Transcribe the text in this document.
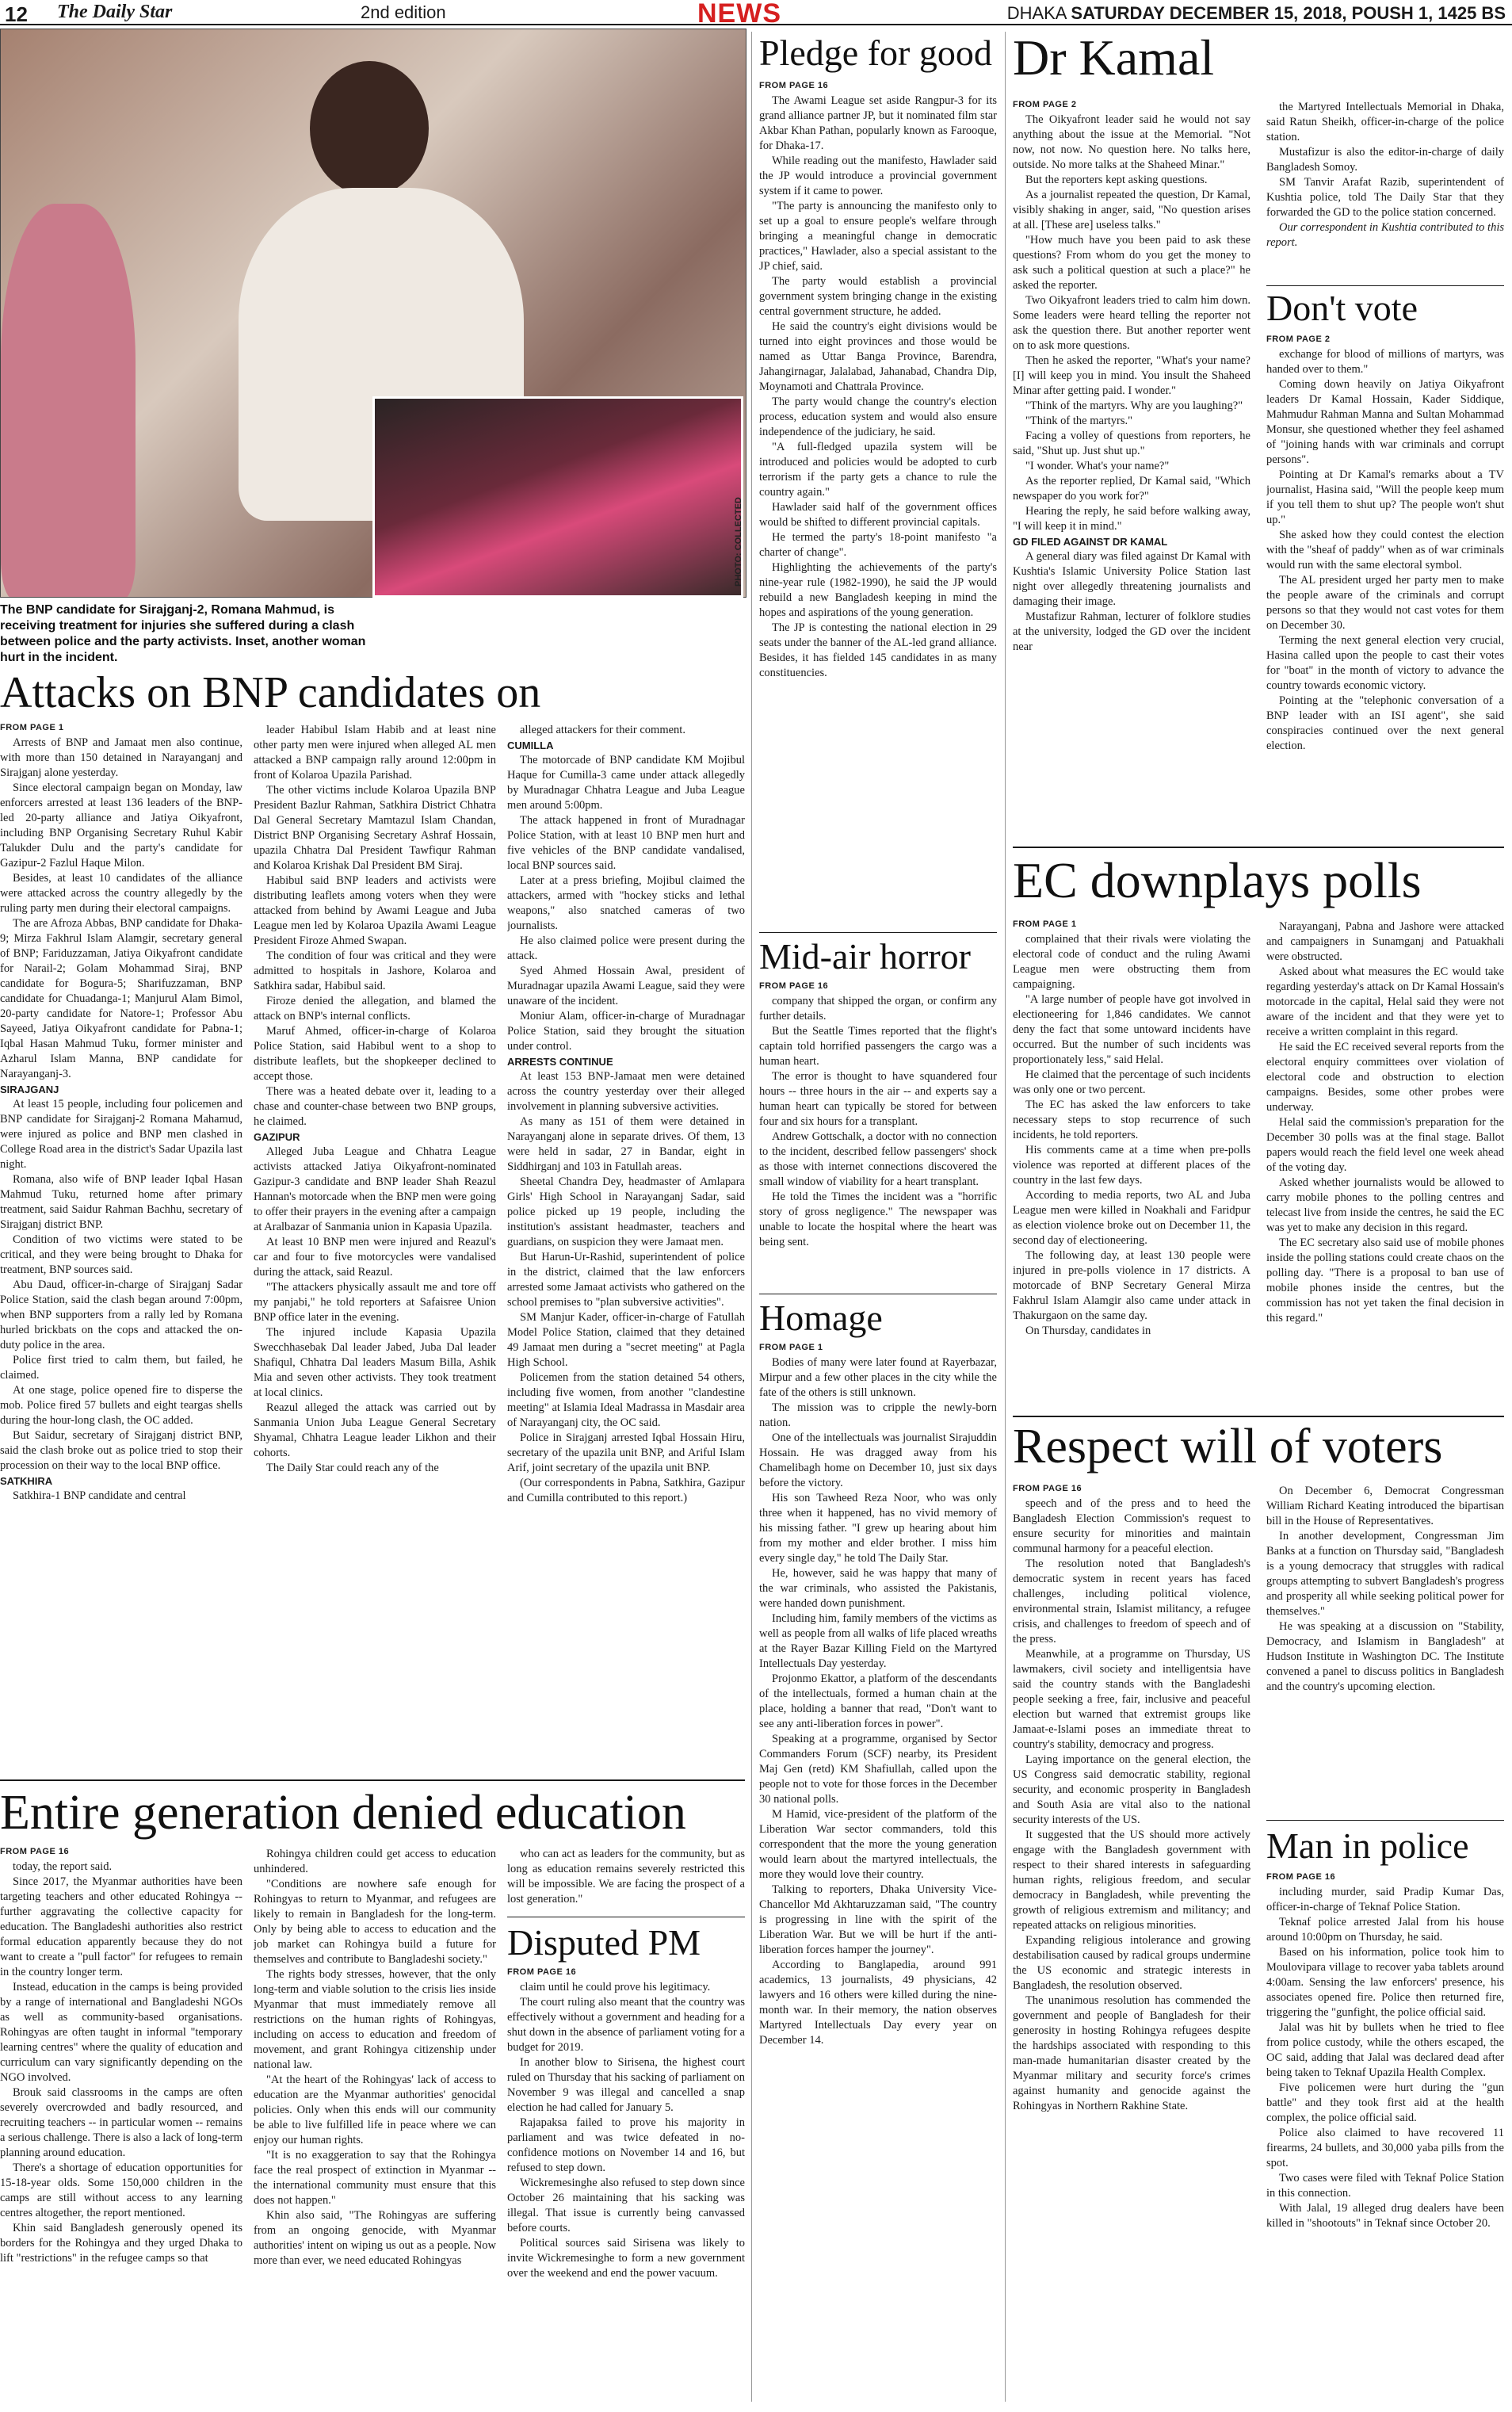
12 The Daily Star	2nd edition	NEWS	DHAKA SATURDAY DECEMBER 15, 2018, POUSH 1, 1425 BS
PHOTO: COLLECTED
The BNP candidate for Sirajganj-2, Romana Mahmud, is receiving treatment for injuries she suffered during a clash between police and the party activists. Inset, another woman hurt in the incident.
Attacks on BNP candidates on
FROM PAGE 1

Arrests of BNP and Jamaat men also continue, with more than 150 detained in Narayanganj and Sirajganj alone yesterday.

Since electoral campaign began on Monday, law enforcers arrested at least 136 leaders of the BNP-led 20-party alliance and Jatiya Oikyafront, including BNP Organising Secretary Ruhul Kabir Talukder Dulu and the party's candidate for Gazipur-2 Fazlul Haque Milon.

Besides, at least 10 candidates of the alliance were attacked across the country allegedly by the ruling party men during their electoral campaigns.

The are Afroza Abbas, BNP candidate for Dhaka-9; Mirza Fakhrul Islam Alamgir, secretary general of BNP; Fariduzzaman, Jatiya Oikyafront candidate for Narail-2; Golam Mohammad Siraj, BNP candidate for Bogura-5; Sharifuzzaman, BNP candidate for Chuadanga-1; Manjurul Alam Bimol, 20-party candidate for Natore-1; Professor Abu Sayeed, Jatiya Oikyafront candidate for Pabna-1; Iqbal Hasan Mahmud Tuku, former minister and Azharul Islam Manna, BNP candidate for Narayanganj-3.

SIRAJGANJ

At least 15 people, including four policemen and BNP candidate for Sirajganj-2 Romana Mahamud, were injured as police and BNP men clashed in College Road area in the district's Sadar Upazila last night.

Romana, also wife of BNP leader Iqbal Hasan Mahmud Tuku, returned home after primary treatment, said Saidur Rahman Bachhu, secretary of Sirajganj district BNP.

Condition of two victims were stated to be critical, and they were being brought to Dhaka for treatment, BNP sources said.

Abu Daud, officer-in-charge of Sirajganj Sadar Police Station, said the clash began around 7:00pm, when BNP supporters from a rally led by Romana hurled brickbats on the cops and attacked the on-duty police in the area.

Police first tried to calm them, but failed, he claimed.

At one stage, police opened fire to disperse the mob. Police fired 57 bullets and eight teargas shells during the hour-long clash, the OC added.

But Saidur, secretary of Sirajganj district BNP, said the clash broke out as police tried to stop their procession on their way to the local BNP office.

SATKHIRA

Satkhira-1 BNP candidate and central

leader Habibul Islam Habib and at least nine other party men were injured when alleged AL men attacked a BNP campaign rally around 12:00pm in front of Kolaroa Upazila Parishad.

The other victims include Kolaroa Upazila BNP President Bazlur Rahman, Satkhira District Chhatra Dal General Secretary Mamtazul Islam Chandan, District BNP Organising Secretary Ashraf Hossain, upazila Chhatra Dal President Tawfiqur Rahman and Kolaroa Krishak Dal President BM Siraj.

Habibul said BNP leaders and activists were distributing leaflets among voters when they were attacked from behind by Awami League and Juba League men led by Kolaroa Upazila Awami League President Firoze Ahmed Swapan.

The condition of four was critical and they were admitted to hospitals in Jashore, Kolaroa and Satkhira sadar, Habibul said.

Firoze denied the allegation, and blamed the attack on BNP's internal conflicts.

Maruf Ahmed, officer-in-charge of Kolaroa Police Station, said Habibul went to a shop to distribute leaflets, but the shopkeeper declined to accept those.

There was a heated debate over it, leading to a chase and counter-chase between two BNP groups, he claimed.

GAZIPUR

Alleged Juba League and Chhatra League activists attacked Jatiya Oikyafront-nominated Gazipur-3 candidate and BNP leader Shah Reazul Hannan's motorcade when the BNP men were going to offer their prayers in the evening after a campaign at Aralbazar of Sanmania union in Kapasia Upazila.

At least 10 BNP men were injured and Reazul's car and four to five motorcycles were vandalised during the attack, said Reazul.

"The attackers physically assault me and tore off my panjabi," he told reporters at Safaisree Union BNP office later in the evening.

The injured include Kapasia Upazila Swecchhasebak Dal leader Jabed, Juba Dal leader Shafiqul, Chhatra Dal leaders Masum Billa, Ashik Mia and seven other activists. They took treatment at local clinics.

Reazul alleged the attack was carried out by Sanmania Union Juba League General Secretary Shyamal, Chhatra League leader Likhon and their cohorts.

The Daily Star could reach any of the

alleged attackers for their comment.

CUMILLA

The motorcade of BNP candidate KM Mojibul Haque for Cumilla-3 came under attack allegedly by Muradnagar Chhatra League and Juba League men around 5:00pm.

The attack happened in front of Muradnagar Police Station, with at least 10 BNP men hurt and five vehicles of the BNP candidate vandalised, local BNP sources said.

Later at a press briefing, Mojibul claimed the attackers, armed with "hockey sticks and lethal weapons," also snatched cameras of two journalists.

He also claimed police were present during the attack.

Syed Ahmed Hossain Awal, president of Muradnagar upazila Awami League, said they were unaware of the incident.

Moniur Alam, officer-in-charge of Muradnagar Police Station, said they brought the situation under control.

ARRESTS CONTINUE

At least 153 BNP-Jamaat men were detained across the country yesterday over their alleged involvement in planning subversive activities.

As many as 151 of them were detained in Narayanganj alone in separate drives. Of them, 13 were held in sadar, 27 in Bandar, eight in Siddhirganj and 103 in Fatullah areas.

Sheetal Chandra Dey, headmaster of Amlapara Girls' High School in Narayanganj Sadar, said police picked up 19 people, including the institution's assistant headmaster, teachers and guardians, on suspicion they were Jamaat men.

But Harun-Ur-Rashid, superintendent of police in the district, claimed that the law enforcers arrested some Jamaat activists who gathered on the school premises to "plan subversive activities".

SM Manjur Kader, officer-in-charge of Fatullah Model Police Station, claimed that they detained 49 Jamaat men during a "secret meeting" at Pagla High School.

Policemen from the station detained 54 others, including five women, from another "clandestine meeting" at Islamia Ideal Madrassa in Masdair area of Narayanganj city, the OC said.

Police in Sirajganj arrested Iqbal Hossain Hiru, secretary of the upazila unit BNP, and Ariful Islam Arif, joint secretary of the upazila unit BNP.

(Our correspondents in Pabna, Satkhira, Gazipur and Cumilla contributed to this report.)

Entire generation denied education
FROM PAGE 16

today, the report said.

Since 2017, the Myanmar authorities have been targeting teachers and other educated Rohingya -- further aggravating the collective capacity for education. The Bangladeshi authorities also restrict formal education apparently because they do not want to create a "pull factor" for refugees to remain in the country longer term.

Instead, education in the camps is being provided by a range of international and Bangladeshi NGOs as well as community-based organisations. Rohingyas are often taught in informal "temporary learning centres" where the quality of education and curriculum can vary significantly depending on the NGO involved.

Brouk said classrooms in the camps are often severely overcrowded and badly resourced, and recruiting teachers -- in particular women -- remains a serious challenge. There is also a lack of long-term planning around education.

There's a shortage of education opportunities for 15-18-year olds. Some 150,000 children in the camps are still without access to any learning centres altogether, the report mentioned.

Khin said Bangladesh generously opened its borders for the Rohingya and they urged Dhaka to lift "restrictions" in the refugee camps so that

Rohingya children could get access to education unhindered.

"Conditions are nowhere safe enough for Rohingyas to return to Myanmar, and refugees are likely to remain in Bangladesh for the long-term. Only by being able to access to education and the job market can Rohingya build a future for themselves and contribute to Bangladeshi society."

The rights body stresses, however, that the only long-term and viable solution to the crisis lies inside Myanmar that must immediately remove all restrictions on the human rights of Rohingyas, including on access to education and freedom of movement, and grant Rohingya citizenship under national law.

"At the heart of the Rohingyas' lack of access to education are the Myanmar authorities' genocidal policies. Only when this ends will our community be able to live fulfilled life in peace where we can enjoy our human rights.

"It is no exaggeration to say that the Rohingya face the real prospect of extinction in Myanmar -- the international community must ensure that this does not happen."

Khin also said, "The Rohingyas are suffering from an ongoing genocide, with Myanmar authorities' intent on wiping us out as a people. Now more than ever, we need educated Rohingyas

who can act as leaders for the community, but as long as education remains severely restricted this will be impossible. We are facing the prospect of a lost generation."

Disputed PM
FROM PAGE 16

claim until he could prove his legitimacy.

The court ruling also meant that the country was effectively without a government and heading for a shut down in the absence of parliament voting for a budget for 2019.

In another blow to Sirisena, the highest court ruled on Thursday that his sacking of parliament on November 9 was illegal and cancelled a snap election he had called for January 5.

Rajapaksa failed to prove his majority in parliament and was twice defeated in no-confidence motions on November 14 and 16, but refused to step down.

Wickremesinghe also refused to step down since October 26 maintaining that his sacking was illegal. That issue is currently being canvassed before courts.

Political sources said Sirisena was likely to invite Wickremesinghe to form a new government over the weekend and end the power vacuum.

Pledge for good
FROM PAGE 16

The Awami League set aside Rangpur-3 for its grand alliance partner JP, but it nominated film star Akbar Khan Pathan, popularly known as Farooque, for Dhaka-17.

While reading out the manifesto, Hawlader said the JP would introduce a provincial government system if it came to power.

"The party is announcing the manifesto only to set up a goal to ensure people's welfare through bringing a meaningful change in democratic practices," Hawlader, also a special assistant to the JP chief, said.

The party would establish a provincial government system bringing change in the existing central government structure, he added.

He said the country's eight divisions would be turned into eight provinces and those would be named as Uttar Banga Province, Barendra, Jahangirnagar, Jalalabad, Jahanabad, Chandra Dip, Moynamoti and Chattrala Province.

The party would change the country's election process, education system and would also ensure independence of the judiciary, he said.

"A full-fledged upazila system will be introduced and policies would be adopted to curb terrorism if the party gets a chance to rule the country again."

Hawlader said half of the government offices would be shifted to different provincial capitals.

He termed the party's 18-point manifesto "a charter of change".

Highlighting the achievements of the party's nine-year rule (1982-1990), he said the JP would rebuild a new Bangladesh keeping in mind the hopes and aspirations of the young generation.

The JP is contesting the national election in 29 seats under the banner of the AL-led grand alliance. Besides, it has fielded 145 candidates in as many constituencies.

Mid-air horror
FROM PAGE 16

company that shipped the organ, or confirm any further details.

But the Seattle Times reported that the flight's captain told horrified passengers the cargo was a human heart.

The error is thought to have squandered four hours -- three hours in the air -- and experts say a human heart can typically be stored for between four and six hours for a transplant.

Andrew Gottschalk, a doctor with no connection to the incident, described fellow passengers' shock as those with internet connections discovered the small window of viability for a heart transplant.

He told the Times the incident was a "horrific story of gross negligence." The newspaper was unable to locate the hospital where the heart was being sent.

Homage
FROM PAGE 1

Bodies of many were later found at Rayerbazar, Mirpur and a few other places in the city while the fate of the others is still unknown.

The mission was to cripple the newly-born nation.

One of the intellectuals was journalist Sirajuddin Hossain. He was dragged away from his Chamelibagh home on December 10, just six days before the victory.

His son Tawheed Reza Noor, who was only three when it happened, has no vivid memory of his missing father. "I grew up hearing about him from my mother and elder brother. I miss him every single day," he told The Daily Star.

He, however, said he was happy that many of the war criminals, who assisted the Pakistanis, were handed down punishment.

Including him, family members of the victims as well as people from all walks of life placed wreaths at the Rayer Bazar Killing Field on the Martyred Intellectuals Day yesterday.

Projonmo Ekattor, a platform of the descendants of the intellectuals, formed a human chain at the place, holding a banner that read, "Don't want to see any anti-liberation forces in power".

Speaking at a programme, organised by Sector Commanders Forum (SCF) nearby, its President Maj Gen (retd) KM Shafiullah, called upon the people not to vote for those forces in the December 30 national polls.

M Hamid, vice-president of the platform of the Liberation War sector commanders, told this correspondent that the more the young generation would learn about the martyred intellectuals, the more they would love their country.

Talking to reporters, Dhaka University Vice-Chancellor Md Akhtaruzzaman said, "The country is progressing in line with the spirit of the Liberation War. But we will be hurt if the anti-liberation forces hamper the journey".

According to Banglapedia, around 991 academics, 13 journalists, 49 physicians, 42 lawyers and 16 others were killed during the nine-month war. In their memory, the nation observes Martyred Intellectuals Day every year on December 14.

Dr Kamal
FROM PAGE 2

The Oikyafront leader said he would not say anything about the issue at the Memorial. "Not now, not now. No question here. No talks here, outside. No more talks at the Shaheed Minar."

But the reporters kept asking questions.

As a journalist repeated the question, Dr Kamal, visibly shaking in anger, said, "No question arises at all. [These are] useless talks."

"How much have you been paid to ask these questions? From whom do you get the money to ask such a political question at such a place?" he asked the reporter.

Two Oikyafront leaders tried to calm him down. Some leaders were heard telling the reporter not ask the question there. But another reporter went on to ask more questions.

Then he asked the reporter, "What's your name? [I] will keep you in mind. You insult the Shaheed Minar after getting paid. I wonder."

"Think of the martyrs. Why are you laughing?"

"Think of the martyrs."

Facing a volley of questions from reporters, he said, "Shut up. Just shut up."

"I wonder. What's your name?"

As the reporter replied, Dr Kamal said, "Which newspaper do you work for?"

Hearing the reply, he said before walking away, "I will keep it in mind."

GD FILED AGAINST DR KAMAL

A general diary was filed against Dr Kamal with Kushtia's Islamic University Police Station last night over allegedly threatening journalists and damaging their image.

Mustafizur Rahman, lecturer of folklore studies at the university, lodged the GD over the incident near

the Martyred Intellectuals Memorial in Dhaka, said Ratun Sheikh, officer-in-charge of the police station.

Mustafizur is also the editor-in-charge of daily Bangladesh Somoy.

SM Tanvir Arafat Razib, superintendent of Kushtia police, told The Daily Star that they forwarded the GD to the police station concerned.

Our correspondent in Kushtia contributed to this report.

Don't vote
FROM PAGE 2

exchange for blood of millions of martyrs, was handed over to them."

Coming down heavily on Jatiya Oikyafront leaders Dr Kamal Hossain, Kader Siddique, Mahmudur Rahman Manna and Sultan Mohammad Monsur, she questioned whether they feel ashamed of "joining hands with war criminals and corrupt persons".

Pointing at Dr Kamal's remarks about a TV journalist, Hasina said, "Will the people keep mum if you tell them to shut up? The people won't shut up."

She asked how they could contest the election with the "sheaf of paddy" when as of war criminals would run with the same electoral symbol.

The AL president urged her party men to make the people aware of the criminals and corrupt persons so that they would not cast votes for them on December 30.

Terming the next general election very crucial, Hasina called upon the people to cast their votes for "boat" in the month of victory to advance the country towards economic victory.

Pointing at the "telephonic conversation of a BNP leader with an ISI agent", she said conspiracies continued over the next general election.

EC downplays polls
FROM PAGE 1

complained that their rivals were violating the electoral code of conduct and the ruling Awami League men were obstructing them from campaigning.

"A large number of people have got involved in electioneering for 1,846 candidates. We cannot deny the fact that some untoward incidents have occurred. But the number of such incidents was proportionately less," said Helal.

He claimed that the percentage of such incidents was only one or two percent.

The EC has asked the law enforcers to take necessary steps to stop recurrence of such incidents, he told reporters.

His comments came at a time when pre-polls violence was reported at different places of the country in the last few days.

According to media reports, two AL and Juba League men were killed in Noakhali and Faridpur as election violence broke out on December 11, the second day of electioneering.

The following day, at least 130 people were injured in pre-polls violence in 17 districts. A motorcade of BNP Secretary General Mirza Fakhrul Islam Alamgir also came under attack in Thakurgaon on the same day.

On Thursday, candidates in

Narayanganj, Pabna and Jashore were attacked and campaigners in Sunamganj and Patuakhali were obstructed.

Asked about what measures the EC would take regarding yesterday's attack on Dr Kamal Hossain's motorcade in the capital, Helal said they were not aware of the incident and that they were yet to receive a written complaint in this regard.

He said the EC received several reports from the electoral enquiry committees over violation of electoral code and obstruction to election campaigns. Besides, some other probes were underway.

Helal said the commission's preparation for the December 30 polls was at the final stage. Ballot papers would reach the field level one week ahead of the voting day.

Asked whether journalists would be allowed to carry mobile phones to the polling centres and telecast live from inside the centres, he said the EC was yet to make any decision in this regard.

The EC secretary also said use of mobile phones inside the polling stations could create chaos on the polling day. "There is a proposal to ban use of mobile phones inside the centres, but the commission has not yet taken the final decision in this regard."

Respect will of voters
FROM PAGE 16

speech and of the press and to heed the Bangladesh Election Commission's request to ensure security for minorities and maintain communal harmony for a peaceful election.

The resolution noted that Bangladesh's democratic system in recent years has faced challenges, including political violence, environmental strain, Islamist militancy, a refugee crisis, and challenges to freedom of speech and of the press.

Meanwhile, at a programme on Thursday, US lawmakers, civil society and intelligentsia have said the country stands with the Bangladeshi people seeking a free, fair, inclusive and peaceful election but warned that extremist groups like Jamaat-e-Islami poses an immediate threat to country's stability, democracy and progress.

Laying importance on the general election, the US Congress said democratic stability, regional security, and economic prosperity in Bangladesh and South Asia are vital also to the national security interests of the US.

It suggested that the US should more actively engage with the Bangladesh government with respect to their shared interests in safeguarding human rights, religious freedom, and secular democracy in Bangladesh, while preventing the growth of religious extremism and militancy; and repeated attacks on religious minorities.

Expanding religious intolerance and growing destabilisation caused by radical groups undermine the US economic and strategic interests in Bangladesh, the resolution observed.

The unanimous resolution has commended the government and people of Bangladesh for their generosity in hosting Rohingya refugees despite the hardships associated with responding to this man-made humanitarian disaster created by the Myanmar military and security force's crimes against humanity and genocide against the Rohingyas in Northern Rakhine State.

On December 6, Democrat Congressman William Richard Keating introduced the bipartisan bill in the House of Representatives.

In another development, Congressman Jim Banks at a function on Thursday said, "Bangladesh is a young democracy that struggles with radical groups attempting to subvert Bangladesh's progress and prosperity all while seeking political power for themselves."

He was speaking at a discussion on "Stability, Democracy, and Islamism in Bangladesh" at Hudson Institute in Washington DC. The Institute convened a panel to discuss politics in Bangladesh and the country's upcoming election.

Man in police
FROM PAGE 16

including murder, said Pradip Kumar Das, officer-in-charge of Teknaf Police Station.

Teknaf police arrested Jalal from his house around 10:00pm on Thursday, he said.

Based on his information, police took him to Moulovipara village to recover yaba tablets around 4:00am. Sensing the law enforcers' presence, his associates opened fire. Police then returned fire, triggering the "gunfight, the police official said.

Jalal was hit by bullets when he tried to flee from police custody, while the others escaped, the OC said, adding that Jalal was declared dead after being taken to Teknaf Upazila Health Complex.

Five policemen were hurt during the "gun battle" and they took first aid at the health complex, the police official said.

Police also claimed to have recovered 11 firearms, 24 bullets, and 30,000 yaba pills from the spot.

Two cases were filed with Teknaf Police Station in this connection.

With Jalal, 19 alleged drug dealers have been killed in "shootouts" in Teknaf since October 20.
